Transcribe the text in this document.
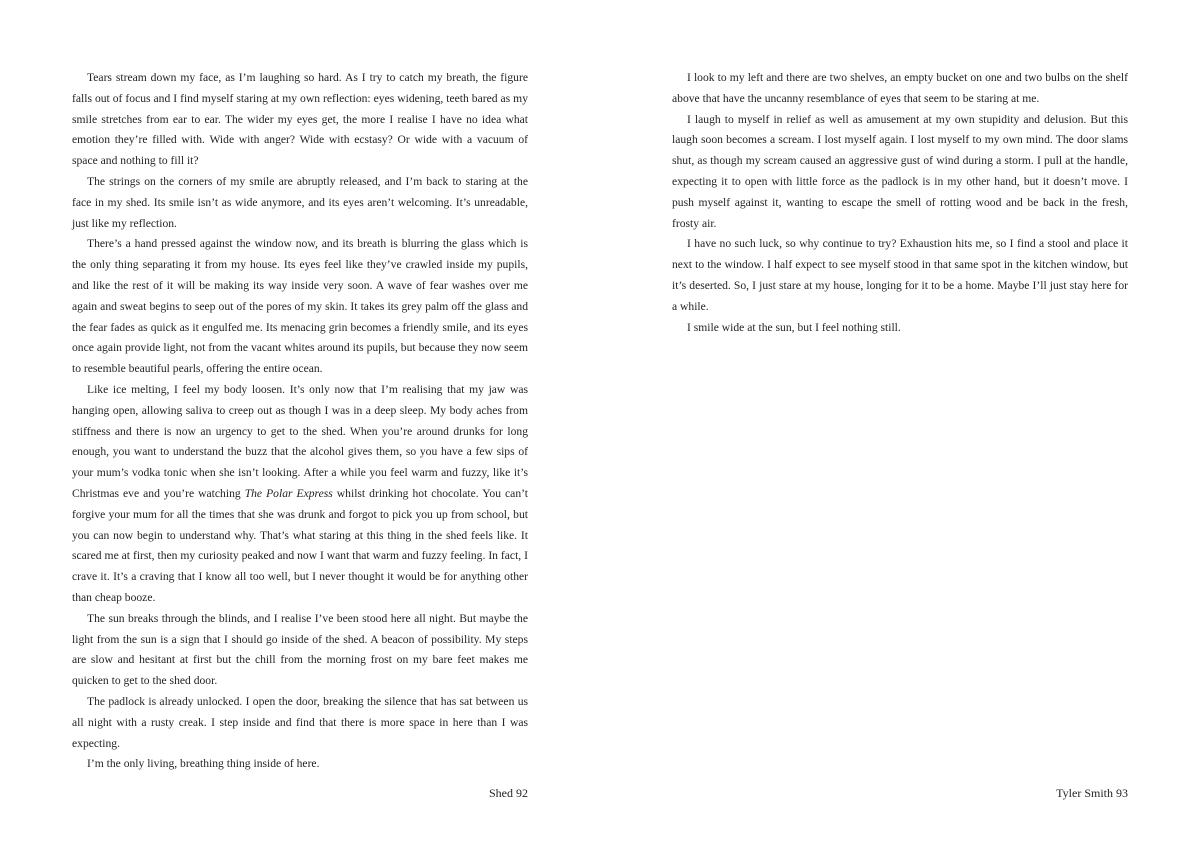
Tears stream down my face, as I’m laughing so hard. As I try to catch my breath, the figure falls out of focus and I find myself staring at my own reflection: eyes widening, teeth bared as my smile stretches from ear to ear. The wider my eyes get, the more I realise I have no idea what emotion they’re filled with. Wide with anger? Wide with ecstasy? Or wide with a vacuum of space and nothing to fill it?

The strings on the corners of my smile are abruptly released, and I’m back to staring at the face in my shed. Its smile isn’t as wide anymore, and its eyes aren’t welcoming. It’s unreadable, just like my reflection.

There’s a hand pressed against the window now, and its breath is blurring the glass which is the only thing separating it from my house. Its eyes feel like they’ve crawled inside my pupils, and like the rest of it will be making its way inside very soon. A wave of fear washes over me again and sweat begins to seep out of the pores of my skin. It takes its grey palm off the glass and the fear fades as quick as it engulfed me. Its menacing grin becomes a friendly smile, and its eyes once again provide light, not from the vacant whites around its pupils, but because they now seem to resemble beautiful pearls, offering the entire ocean.

Like ice melting, I feel my body loosen. It’s only now that I’m realising that my jaw was hanging open, allowing saliva to creep out as though I was in a deep sleep. My body aches from stiffness and there is now an urgency to get to the shed. When you’re around drunks for long enough, you want to understand the buzz that the alcohol gives them, so you have a few sips of your mum’s vodka tonic when she isn’t looking. After a while you feel warm and fuzzy, like it’s Christmas eve and you’re watching The Polar Express whilst drinking hot chocolate. You can’t forgive your mum for all the times that she was drunk and forgot to pick you up from school, but you can now begin to understand why. That’s what staring at this thing in the shed feels like. It scared me at first, then my curiosity peaked and now I want that warm and fuzzy feeling. In fact, I crave it. It’s a craving that I know all too well, but I never thought it would be for anything other than cheap booze.

The sun breaks through the blinds, and I realise I’ve been stood here all night. But maybe the light from the sun is a sign that I should go inside of the shed. A beacon of possibility. My steps are slow and hesitant at first but the chill from the morning frost on my bare feet makes me quicken to get to the shed door.

The padlock is already unlocked. I open the door, breaking the silence that has sat between us all night with a rusty creak. I step inside and find that there is more space in here than I was expecting.

I’m the only living, breathing thing inside of here.

Shed 92

I look to my left and there are two shelves, an empty bucket on one and two bulbs on the shelf above that have the uncanny resemblance of eyes that seem to be staring at me.

I laugh to myself in relief as well as amusement at my own stupidity and delusion. But this laugh soon becomes a scream. I lost myself again. I lost myself to my own mind. The door slams shut, as though my scream caused an aggressive gust of wind during a storm. I pull at the handle, expecting it to open with little force as the padlock is in my other hand, but it doesn’t move. I push myself against it, wanting to escape the smell of rotting wood and be back in the fresh, frosty air.

I have no such luck, so why continue to try? Exhaustion hits me, so I find a stool and place it next to the window. I half expect to see myself stood in that same spot in the kitchen window, but it’s deserted. So, I just stare at my house, longing for it to be a home. Maybe I’ll just stay here for a while.

I smile wide at the sun, but I feel nothing still.

Tyler Smith 93
